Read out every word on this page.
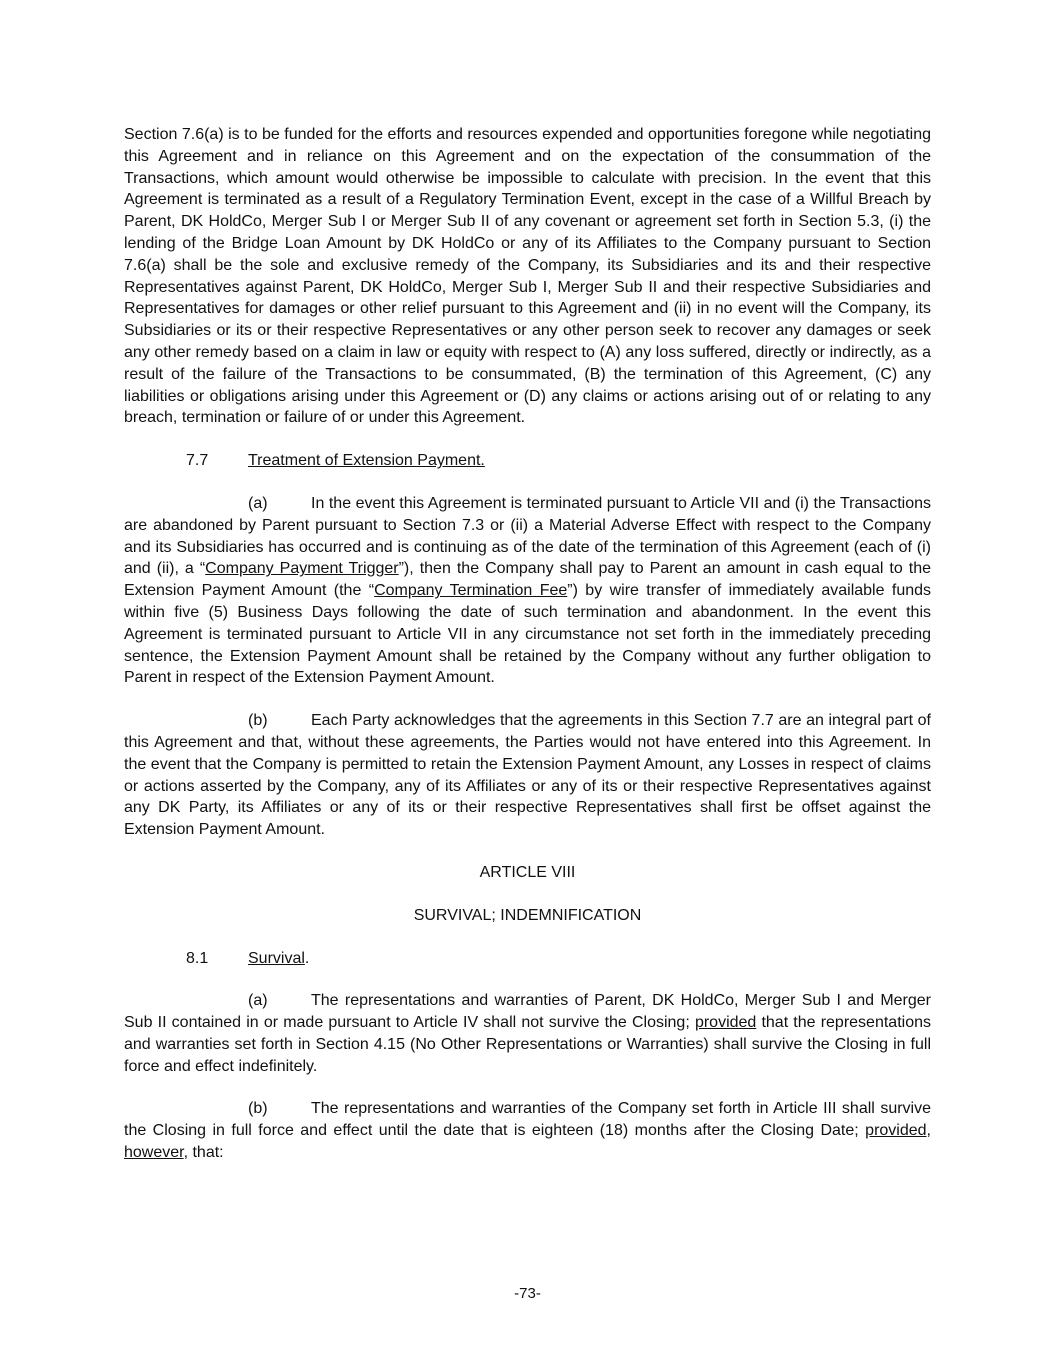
Section 7.6(a) is to be funded for the efforts and resources expended and opportunities foregone while negotiating this Agreement and in reliance on this Agreement and on the expectation of the consummation of the Transactions, which amount would otherwise be impossible to calculate with precision. In the event that this Agreement is terminated as a result of a Regulatory Termination Event, except in the case of a Willful Breach by Parent, DK HoldCo, Merger Sub I or Merger Sub II of any covenant or agreement set forth in Section 5.3, (i) the lending of the Bridge Loan Amount by DK HoldCo or any of its Affiliates to the Company pursuant to Section 7.6(a) shall be the sole and exclusive remedy of the Company, its Subsidiaries and its and their respective Representatives against Parent, DK HoldCo, Merger Sub I, Merger Sub II and their respective Subsidiaries and Representatives for damages or other relief pursuant to this Agreement and (ii) in no event will the Company, its Subsidiaries or its or their respective Representatives or any other person seek to recover any damages or seek any other remedy based on a claim in law or equity with respect to (A) any loss suffered, directly or indirectly, as a result of the failure of the Transactions to be consummated, (B) the termination of this Agreement, (C) any liabilities or obligations arising under this Agreement or (D) any claims or actions arising out of or relating to any breach, termination or failure of or under this Agreement.

7.7 Treatment of Extension Payment.

(a)	In the event this Agreement is terminated pursuant to Article VII and (i) the Transactions are abandoned by Parent pursuant to Section 7.3 or (ii) a Material Adverse Effect with respect to the Company and its Subsidiaries has occurred and is continuing as of the date of the termination of this Agreement (each of (i) and (ii), a “Company Payment Trigger”), then the Company shall pay to Parent an amount in cash equal to the Extension Payment Amount (the “Company Termination Fee”) by wire transfer of immediately available funds within five (5) Business Days following the date of such termination and abandonment. In the event this Agreement is terminated pursuant to Article VII in any circumstance not set forth in the immediately preceding sentence, the Extension Payment Amount shall be retained by the Company without any further obligation to Parent in respect of the Extension Payment Amount.

(b)	Each Party acknowledges that the agreements in this Section 7.7 are an integral part of this Agreement and that, without these agreements, the Parties would not have entered into this Agreement. In the event that the Company is permitted to retain the Extension Payment Amount, any Losses in respect of claims or actions asserted by the Company, any of its Affiliates or any of its or their respective Representatives against any DK Party, its Affiliates or any of its or their respective Representatives shall first be offset against the Extension Payment Amount.

ARTICLE VIII

SURVIVAL; INDEMNIFICATION

8.1 Survival.

(a)	The representations and warranties of Parent, DK HoldCo, Merger Sub I and Merger Sub II contained in or made pursuant to Article IV shall not survive the Closing; provided that the representations and warranties set forth in Section 4.15 (No Other Representations or Warranties) shall survive the Closing in full force and effect indefinitely.

(b)	The representations and warranties of the Company set forth in Article III shall survive the Closing in full force and effect until the date that is eighteen (18) months after the Closing Date; provided, however, that:

-73-
